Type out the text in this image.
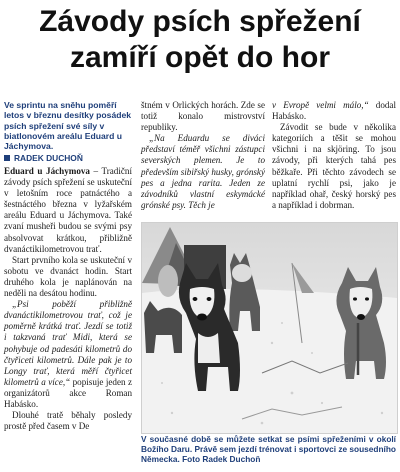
Závody psích spřežení
zamíří opět do hor
Ve sprintu na sněhu poměří letos v březnu desítky posádek psích spřežení své síly v biatlonovém areálu Eduard u Jáchymova.
RADEK DUCHOŇ

Eduard u Jáchymova – Tradiční závody psích spřežení se uskuteční v letošním roce patnáctého a šestnáctého března v lyžařském areálu Eduard u Jáchymova. Také zvaní musheři budou se svými psy absolvovat krátkou, přibližně dvanáctikilometrovou trať.

Start prvního kola se uskuteční v sobotu ve dvanáct hodin. Start druhého kola je naplánován na neděli na desátou hodinu.

„Psi poběží přibližně dvanáctikilometrovou trať, což je poměrně krátká trať. Jezdí se totiž i takzvaná trať Midi, která se pohybuje od padesáti kilometrů do čtyřiceti kilometrů. Dále pak je to Longy trať, která měří čtyřicet kilometrů a více,“ popisuje jeden z organizátorů akce Roman Habásko.

Dlouhé tratě běhaly posledy prostě před časem v De

štném v Orlických horách. Zde se totiž konalo mistrovství republiky.

„Na Eduardu se diváci představí téměř všichni zástupci severských plemen. Je to především sibiřský husky, grónský pes a jedna rarita. Jeden ze závodníků vlastní eskymácké grónské psy. Těch je

v Evropě velmi málo,“ dodal Habásko.

Závodit se bude v několika kategoriích a těšit se mohou všichni i na skjöring. To jsou závody, při kterých tahá pes běžkaře. Při těchto závodech se uplatní rychlí psi, jako je například ohař, český horský pes a například i dobrman.

V současné době se můžete setkat se psími spřeženími v okolí Božího Daru. Právě sem jezdí trénovat i sportovci ze sousedního Německa. Foto Radek Duchoň
